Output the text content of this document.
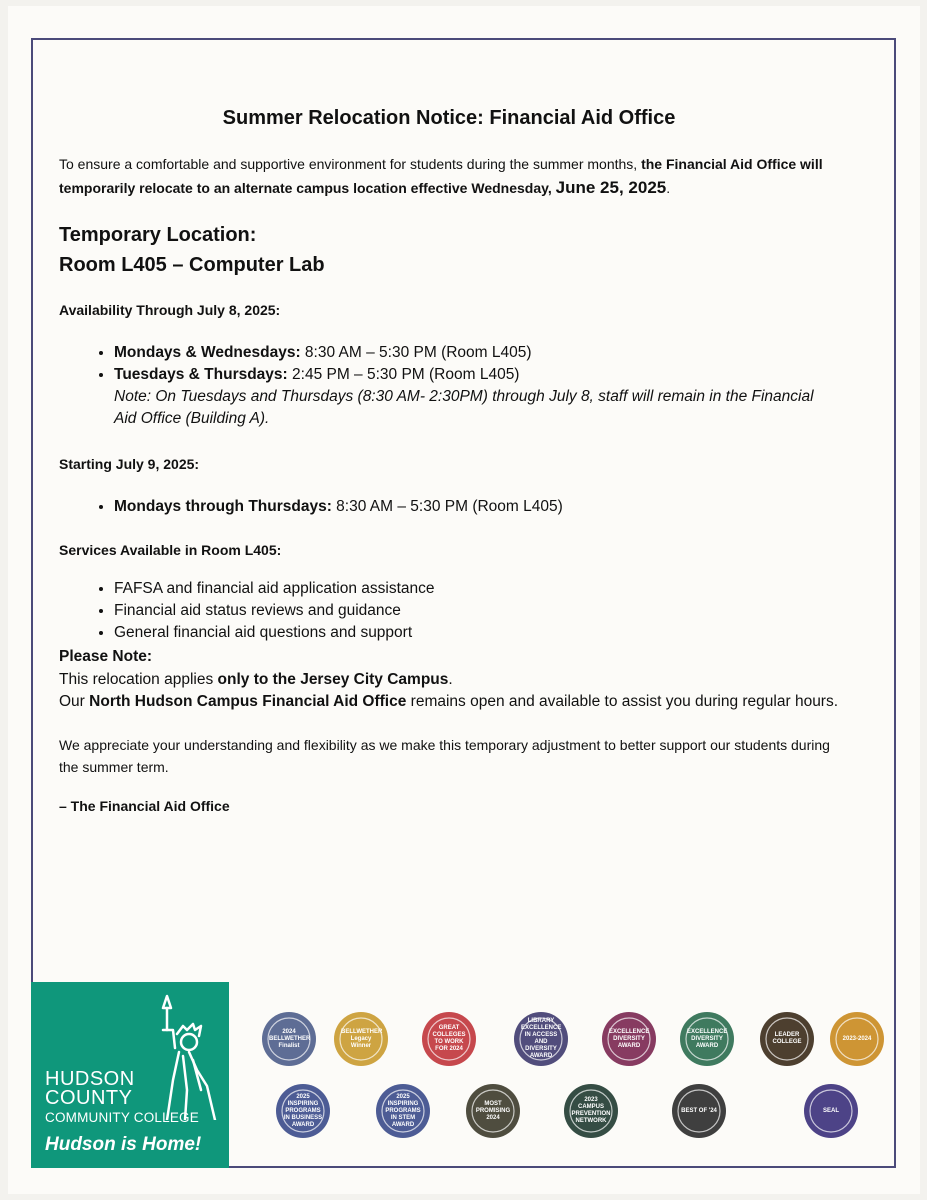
Summer Relocation Notice: Financial Aid Office

To ensure a comfortable and supportive environment for students during the summer months, the Financial Aid Office will temporarily relocate to an alternate campus location effective Wednesday, June 25, 2025.

Temporary Location:
Room L405 – Computer Lab
Availability Through July 8, 2025:
• Mondays & Wednesdays: 8:30 AM – 5:30 PM (Room L405)
• Tuesdays & Thursdays: 2:45 PM – 5:30 PM (Room L405)
Note: On Tuesdays and Thursdays (8:30 AM- 2:30PM) through July 8, staff will remain in the Financial Aid Office (Building A).
Starting July 9, 2025:
• Mondays through Thursdays: 8:30 AM – 5:30 PM (Room L405)
Services Available in Room L405:
• FAFSA and financial aid application assistance
• Financial aid status reviews and guidance
• General financial aid questions and support
Please Note:
This relocation applies only to the Jersey City Campus.
Our North Hudson Campus Financial Aid Office remains open and available to assist you during regular hours.

We appreciate your understanding and flexibility as we make this temporary adjustment to better support our students during the summer term.

– The Financial Aid Office

HUDSON
COUNTY
COMMUNITY COLLEGE
Hudson is Home!
2024 BELLWETHER Finalist
BELLWETHER Legacy Winner
GREAT COLLEGES TO WORK FOR 2024
LIBRARY EXCELLENCE IN ACCESS AND DIVERSITY AWARD
EXCELLENCE DIVERSITY AWARD
EXCELLENCE DIVERSITY AWARD
LEADER COLLEGE
2023-2024
2025 INSPIRING PROGRAMS IN BUSINESS AWARD
2025 INSPIRING PROGRAMS IN STEM AWARD
MOST PROMISING 2024
2023 CAMPUS PREVENTION NETWORK
BEST OF '24	SEAL
